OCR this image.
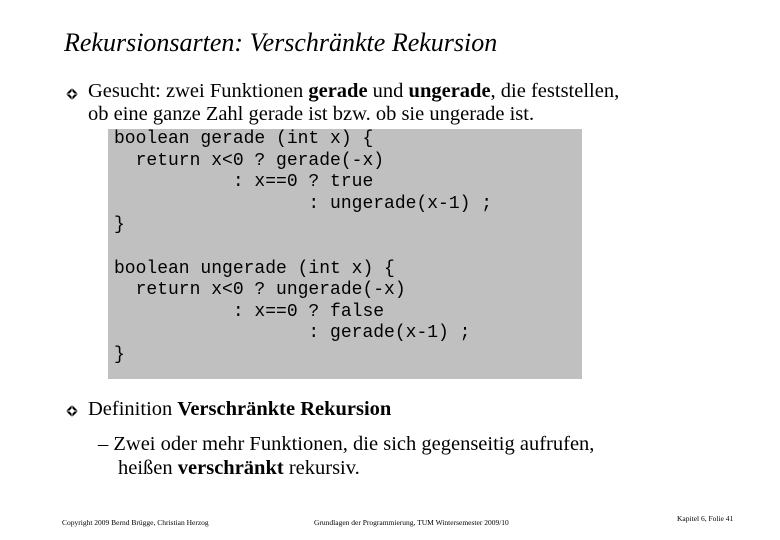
Rekursionsarten: Verschränkte Rekursion
Gesucht: zwei Funktionen gerade und ungerade, die feststellen,
ob eine ganze Zahl gerade ist bzw. ob sie ungerade ist.
boolean gerade (int x) {
return x<0 ? gerade(-x)
: x==0 ? true
: ungerade(x-1) ;
}
boolean ungerade (int x) {
return x<0 ? ungerade(-x)
: x==0 ? false
: gerade(x-1) ;
}
Definition Verschränkte Rekursion
– Zwei oder mehr Funktionen, die sich gegenseitig aufrufen,
heißen verschränkt rekursiv.
Copyright 2009 Bernd Brügge, Christian Herzog	Grundlagen der Programmierung, TUM Wintersemester 2009/10	Kapitel 6, Folie 41
